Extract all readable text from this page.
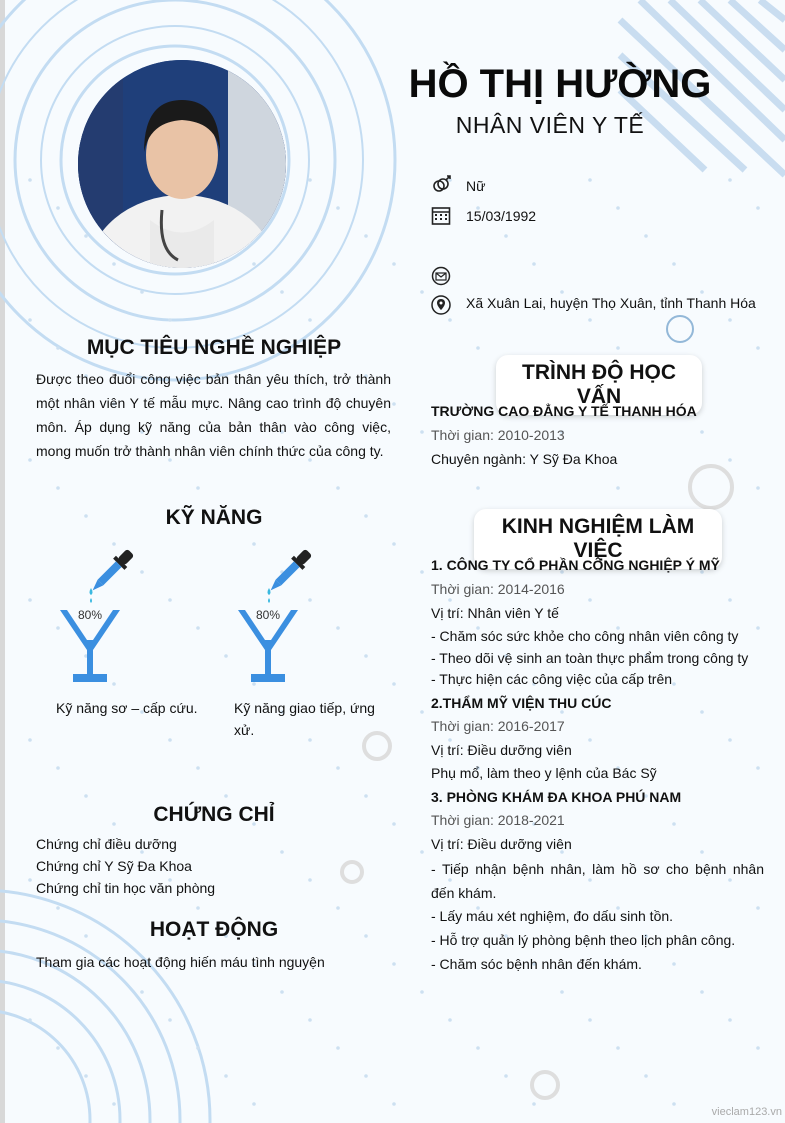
HỒ THỊ HƯỜNG
NHÂN VIÊN Y TẾ
Nữ
15/03/1992
Xã Xuân Lai, huyện Thọ Xuân, tỉnh Thanh Hóa
MỤC TIÊU NGHỀ NGHIỆP
Được theo đuổi công việc bản thân yêu thích, trở thành một nhân viên Y tế mẫu mực. Nâng cao trình độ chuyên môn. Áp dụng kỹ năng của bản thân vào công việc, mong muốn trở thành nhân viên chính thức của công ty.
KỸ NĂNG
80%
Kỹ năng sơ – cấp cứu.
80%
Kỹ năng giao tiếp, ứng xử.
CHỨNG CHỈ
Chứng chỉ điều dưỡng
Chứng chỉ Y Sỹ Đa Khoa
Chứng chỉ tin học văn phòng
HOẠT ĐỘNG
Tham gia các hoạt động hiến máu tình nguyện
TRÌNH ĐỘ HỌC VẤN
TRƯỜNG CAO ĐẲNG Y TẾ THANH HÓA
Thời gian: 2010-2013
Chuyên ngành: Y Sỹ Đa Khoa
KINH NGHIỆM LÀM VIỆC
1. CÔNG TY CỔ PHẦN CÔNG NGHIỆP Ý MỸ
Thời gian: 2014-2016
Vị trí: Nhân viên Y tế
- Chăm sóc sức khỏe cho công nhân viên công ty
- Theo dõi vệ sinh an toàn thực phẩm trong công ty
- Thực hiện các công việc của cấp trên
2.THẨM MỸ VIỆN THU CÚC
Thời gian: 2016-2017
Vị trí: Điều dưỡng viên
Phụ mổ, làm theo y lệnh của Bác Sỹ
3. PHÒNG KHÁM ĐA KHOA PHÚ NAM
Thời gian: 2018-2021
Vị trí: Điều dưỡng viên
- Tiếp nhận bệnh nhân, làm hồ sơ cho bệnh nhân đến khám.
- Lấy máu xét nghiệm, đo dấu sinh tồn.
- Hỗ trợ quản lý phòng bệnh theo lịch phân công.
- Chăm sóc bệnh nhân đến khám.
vieclam123.vn
